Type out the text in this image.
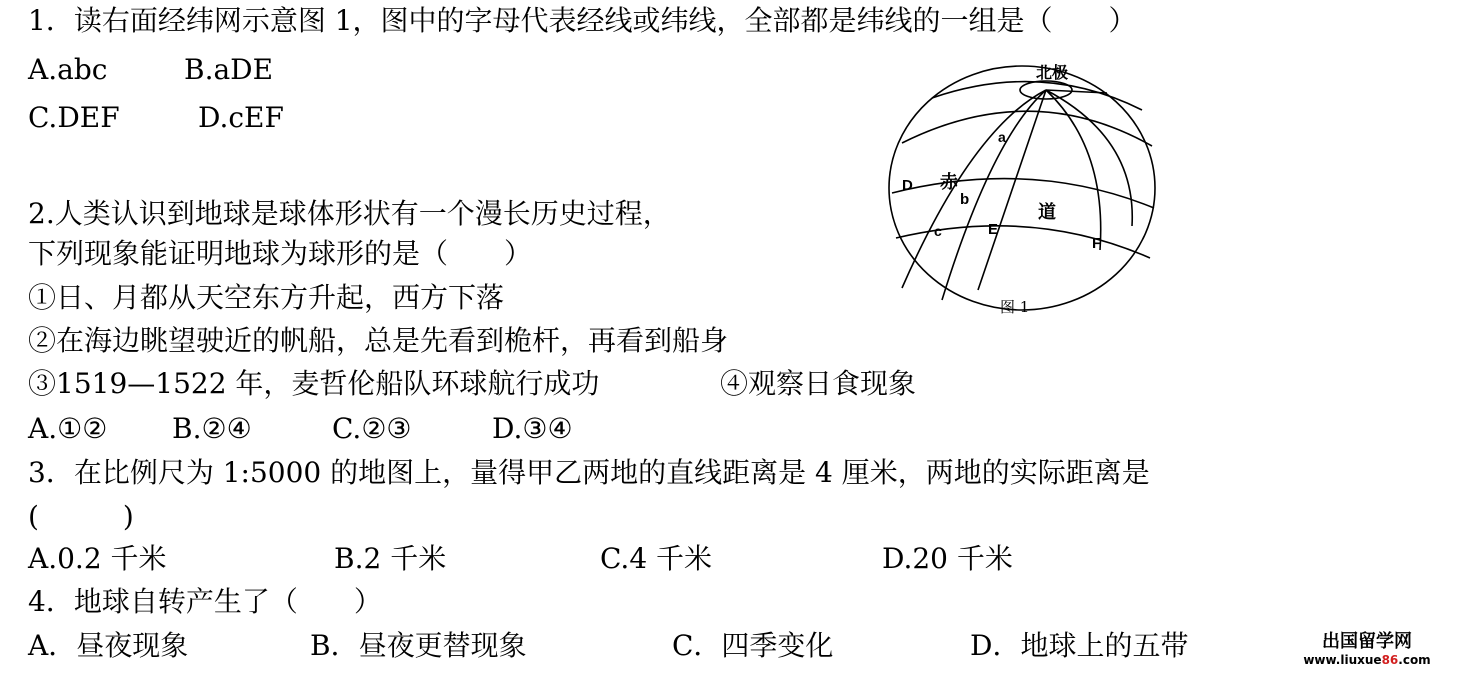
1．读右面经纬网示意图 1，图中的字母代表经线或纬线，全部都是纬线的一组是（　　）
A.abc	B.aDE
C.DEF	D.cEF
北极
a
D 赤
b
道
c	E
F
图 1
2.人类认识到地球是球体形状有一个漫长历史过程，
下列现象能证明地球为球形的是（　　）
①日、月都从天空东方升起，西方下落
②在海边眺望驶近的帆船，总是先看到桅杆，再看到船身
③1519—1522 年，麦哲伦船队环球航行成功	④观察日食现象
A.①② B.②④	C.②③	D.③④
3．在比例尺为 1:5000 的地图上，量得甲乙两地的直线距离是 4 厘米，两地的实际距离是
(　　　)
A.0.2 千米	B.2 千米	C.4 千米	D.20 千米
4．地球自转产生了（　　）
A．昼夜现象	B．昼夜更替现象	C．四季变化	D．地球上的五带	出国留学网
www.liuxue86.com
